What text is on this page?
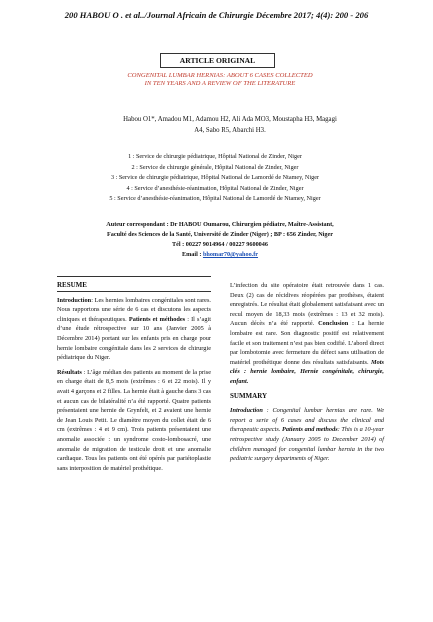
200 HABOU O . et al../Journal Africain de Chirurgie Décembre 2017; 4(4): 200 - 206
ARTICLE ORIGINAL
CONGENITAL LUMBAR HERNIAS: ABOUT 6 CASES COLLECTED
IN TEN YEARS AND A REVIEW OF THE LITERATURE
Habou O1*, Amadou M1, Adamou H2, Ali Ada MO3, Moustapha H3, Magagi
A4, Sabo R5, Abarchi H3.
1 : Service de chirurgie pédiatrique, Hôpital National de Zinder, Niger
2 : Service de chirurgie générale, Hôpital National de Zinder, Niger
3 : Service de chirurgie pédiatrique, Hôpital National de Lamordé de Ntamey, Niger
4 : Service d’anesthésie-réanimation, Hôpital National de Zinder, Niger
5 : Service d’anesthésie-réanimation, Hôpital National de Lamordé de Ntamey, Niger
Auteur correspondant : Dr HABOU Oumarou, Chirurgien pédiatre, Maître-Assistant,
Faculté des Sciences de la Santé, Université de Zinder (Niger) ; BP : 656 Zinder, Niger
Tél : 00227 9014964 / 00227 9600046
Email : bhomar70@yahoo.fr
RESUME

Introduction: Les hernies lombaires congénitales sont rares. Nous rapportons une série de 6 cas et discutons les aspects cliniques et thérapeutiques. Patients et méthodes : Il s’agit d’une étude rétrospective sur 10 ans (Janvier 2005 à Décembre 2014) portant sur les enfants pris en charge pour hernie lombaire congénitale dans les 2 services de chirurgie pédiatrique du Niger.

Résultats : L’âge médian des patients au moment de la prise en charge était de 8,5 mois (extrêmes : 6 et 22 mois). Il y avait 4 garçons et 2 filles. La hernie était à gauche dans 3 cas et aucun cas de bilatéralité n’a été rapporté. Quatre patients présentaient une hernie de Grynfelt, et 2 avaient une hernie de Jean Louis Petit. Le diamètre moyen du collet était de 6 cm (extrêmes : 4 et 9 cm). Trois patients présentaient une anomalie associée : un syndrome costo-lombosacré, une anomalie de migration de testicule droit et une anomalie cardiaque. Tous les patients ont été opérés par pariétoplastie sans interposition de matériel prothétique.

L’infection du site opératoire était retrouvée dans 1 cas. Deux (2) cas de récidives réopérées par prothèses, étaient enregistrés. Le résultat était globalement satisfaisant avec un recul moyen de 18,33 mois (extrêmes : 13 et 32 mois). Aucun décès n’a été rapporté. Conclusion : La hernie lombaire est rare. Son diagnostic positif est relativement facile et son traitement n’est pas bien codifié. L’abord direct par lombotomie avec fermeture du défect sans utilisation de matériel prothétique donne des résultats satisfaisants. Mots clés : hernie lombaire, Hernie congénitale, chirurgie, enfant.

SUMMARY

Introduction : Congenital lumbar hernias are rare. We report a serie of 6 cases and discuss the clinical and therapeutic aspects. Patients and methods: This is a 10-year retrospective study (January 2005 to December 2014) of children managed for congenital lumbar hernia in the two pediatric surgery departments of Niger.
